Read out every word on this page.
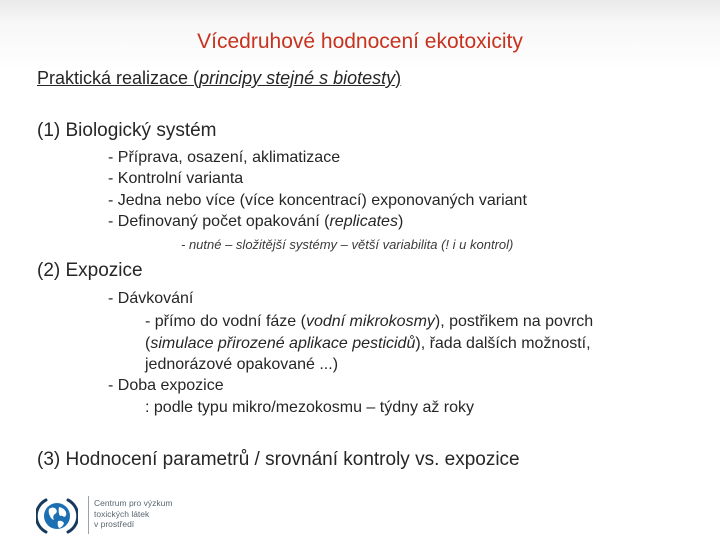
Vícedruhové hodnocení ekotoxicity
Praktická realizace (principy stejné s biotesty)
(1) Biologický systém
- Příprava, osazení, aklimatizace
- Kontrolní varianta
- Jedna nebo více (více koncentrací) exponovaných variant
- Definovaný počet opakování (replicates)
- nutné – složitější systémy – větší variabilita (! i u kontrol)
(2) Expozice
- Dávkování
- přímo do vodní fáze (vodní mikrokosmy), postřikem na povrch
(simulace přirozené aplikace pesticidů), řada dalších možností,
jednorázové opakované ...)
- Doba expozice
: podle typu mikro/mezokosmu – týdny až roky
(3) Hodnocení parametrů / srovnání kontroly vs. expozice
Centrum pro výzkum
toxických látek
v prostředí
